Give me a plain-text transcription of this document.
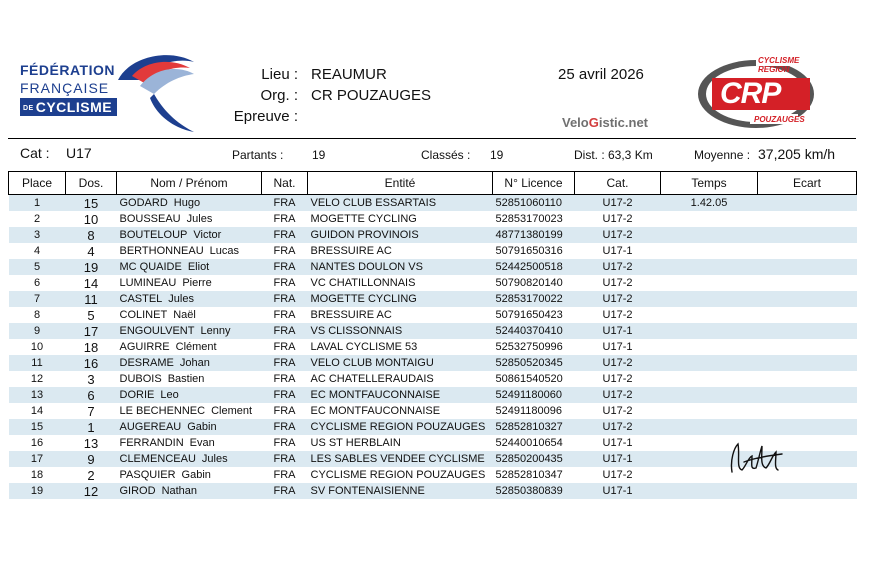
FÉDÉRATION
FRANÇAISE
DE CYCLISME
Lieu : REAUMUR
Org. : CR POUZAUGES
Epreuve :
25 avril 2026
VeloGistic.net
CYCLISME REGION
CRP
POUZAUGES
Cat : U17	Partants : 19	Classés : 19	Dist. : 63,3 Km	Moyenne : 37,205 km/h
Place	Dos.	Nom / Prénom	Nat.	Entité	N° Licence	Cat.	Temps	Ecart
1	15	GODARD Hugo	FRA	VELO CLUB ESSARTAIS	52851060110	U17-2	1.42.05	
2	10	BOUSSEAU Jules	FRA	MOGETTE CYCLING	52853170023	U17-2		
3	8	BOUTELOUP Victor	FRA	GUIDON PROVINOIS	48771380199	U17-2		
4	4	BERTHONNEAU Lucas	FRA	BRESSUIRE AC	50791650316	U17-1		
5	19	MC QUAIDE Eliot	FRA	NANTES DOULON VS	52442500518	U17-2		
6	14	LUMINEAU Pierre	FRA	VC CHATILLONNAIS	50790820140	U17-2		
7	11	CASTEL Jules	FRA	MOGETTE CYCLING	52853170022	U17-2		
8	5	COLINET Naël	FRA	BRESSUIRE AC	50791650423	U17-2		
9	17	ENGOULVENT Lenny	FRA	VS CLISSONNAIS	52440370410	U17-1		
10	18	AGUIRRE Clément	FRA	LAVAL CYCLISME 53	52532750996	U17-1		
11	16	DESRAME Johan	FRA	VELO CLUB MONTAIGU	52850520345	U17-2		
12	3	DUBOIS Bastien	FRA	AC CHATELLERAUDAIS	50861540520	U17-2		
13	6	DORIE Leo	FRA	EC MONTFAUCONNAISE	52491180060	U17-2		
14	7	LE BECHENNEC Clement	FRA	EC MONTFAUCONNAISE	52491180096	U17-2		
15	1	AUGEREAU Gabin	FRA	CYCLISME REGION POUZAUGES	52852810327	U17-2		
16	13	FERRANDIN Evan	FRA	US ST HERBLAIN	52440010654	U17-1		
17	9	CLEMENCEAU Jules	FRA	LES SABLES VENDEE CYCLISME	52850200435	U17-1		
18	2	PASQUIER Gabin	FRA	CYCLISME REGION POUZAUGES	52852810347	U17-2		
19	12	GIROD Nathan	FRA	SV FONTENAISIENNE	52850380839	U17-1		
